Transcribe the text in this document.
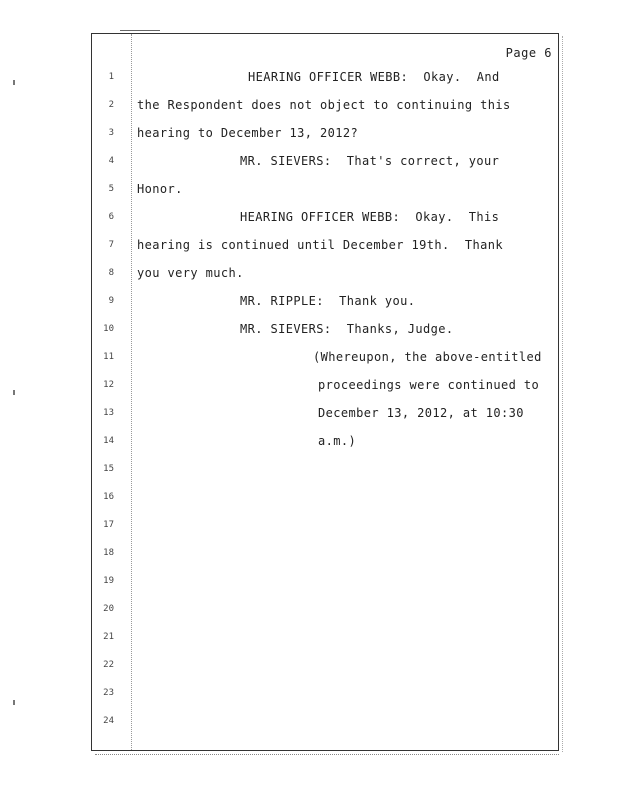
Page 6
1
2
3
4
5
6
7
8
9
10
11
12
13
14
15
16
17
18
19
20
21
22
23
24
HEARING OFFICER WEBB:  Okay.  And
the Respondent does not object to continuing this
hearing to December 13, 2012?
MR. SIEVERS:  That's correct, your
Honor.
HEARING OFFICER WEBB:  Okay.  This
hearing is continued until December 19th.  Thank
you very much.
MR. RIPPLE:  Thank you.
MR. SIEVERS:  Thanks, Judge.
(Whereupon, the above-entitled
proceedings were continued to
December 13, 2012, at 10:30
a.m.)
